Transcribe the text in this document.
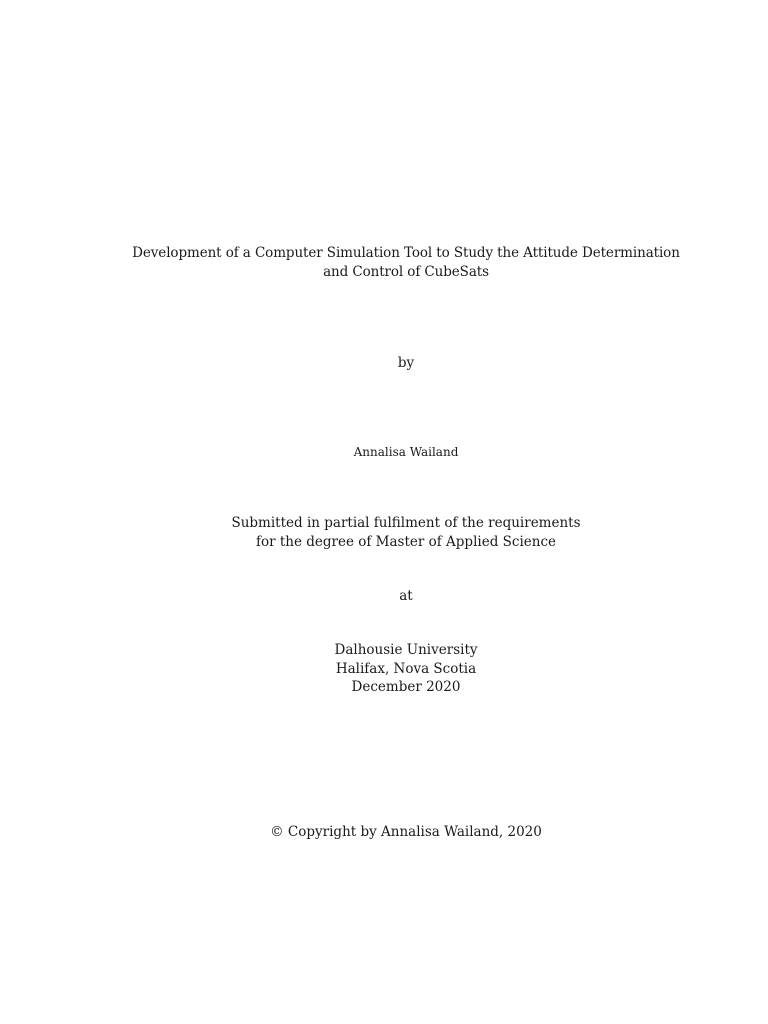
Development of a Computer Simulation Tool to Study the Attitude Determination
and Control of CubeSats
by
Annalisa Wailand
Submitted in partial fulfilment of the requirements
for the degree of Master of Applied Science
at
Dalhousie University
Halifax, Nova Scotia
December 2020
© Copyright by Annalisa Wailand, 2020
